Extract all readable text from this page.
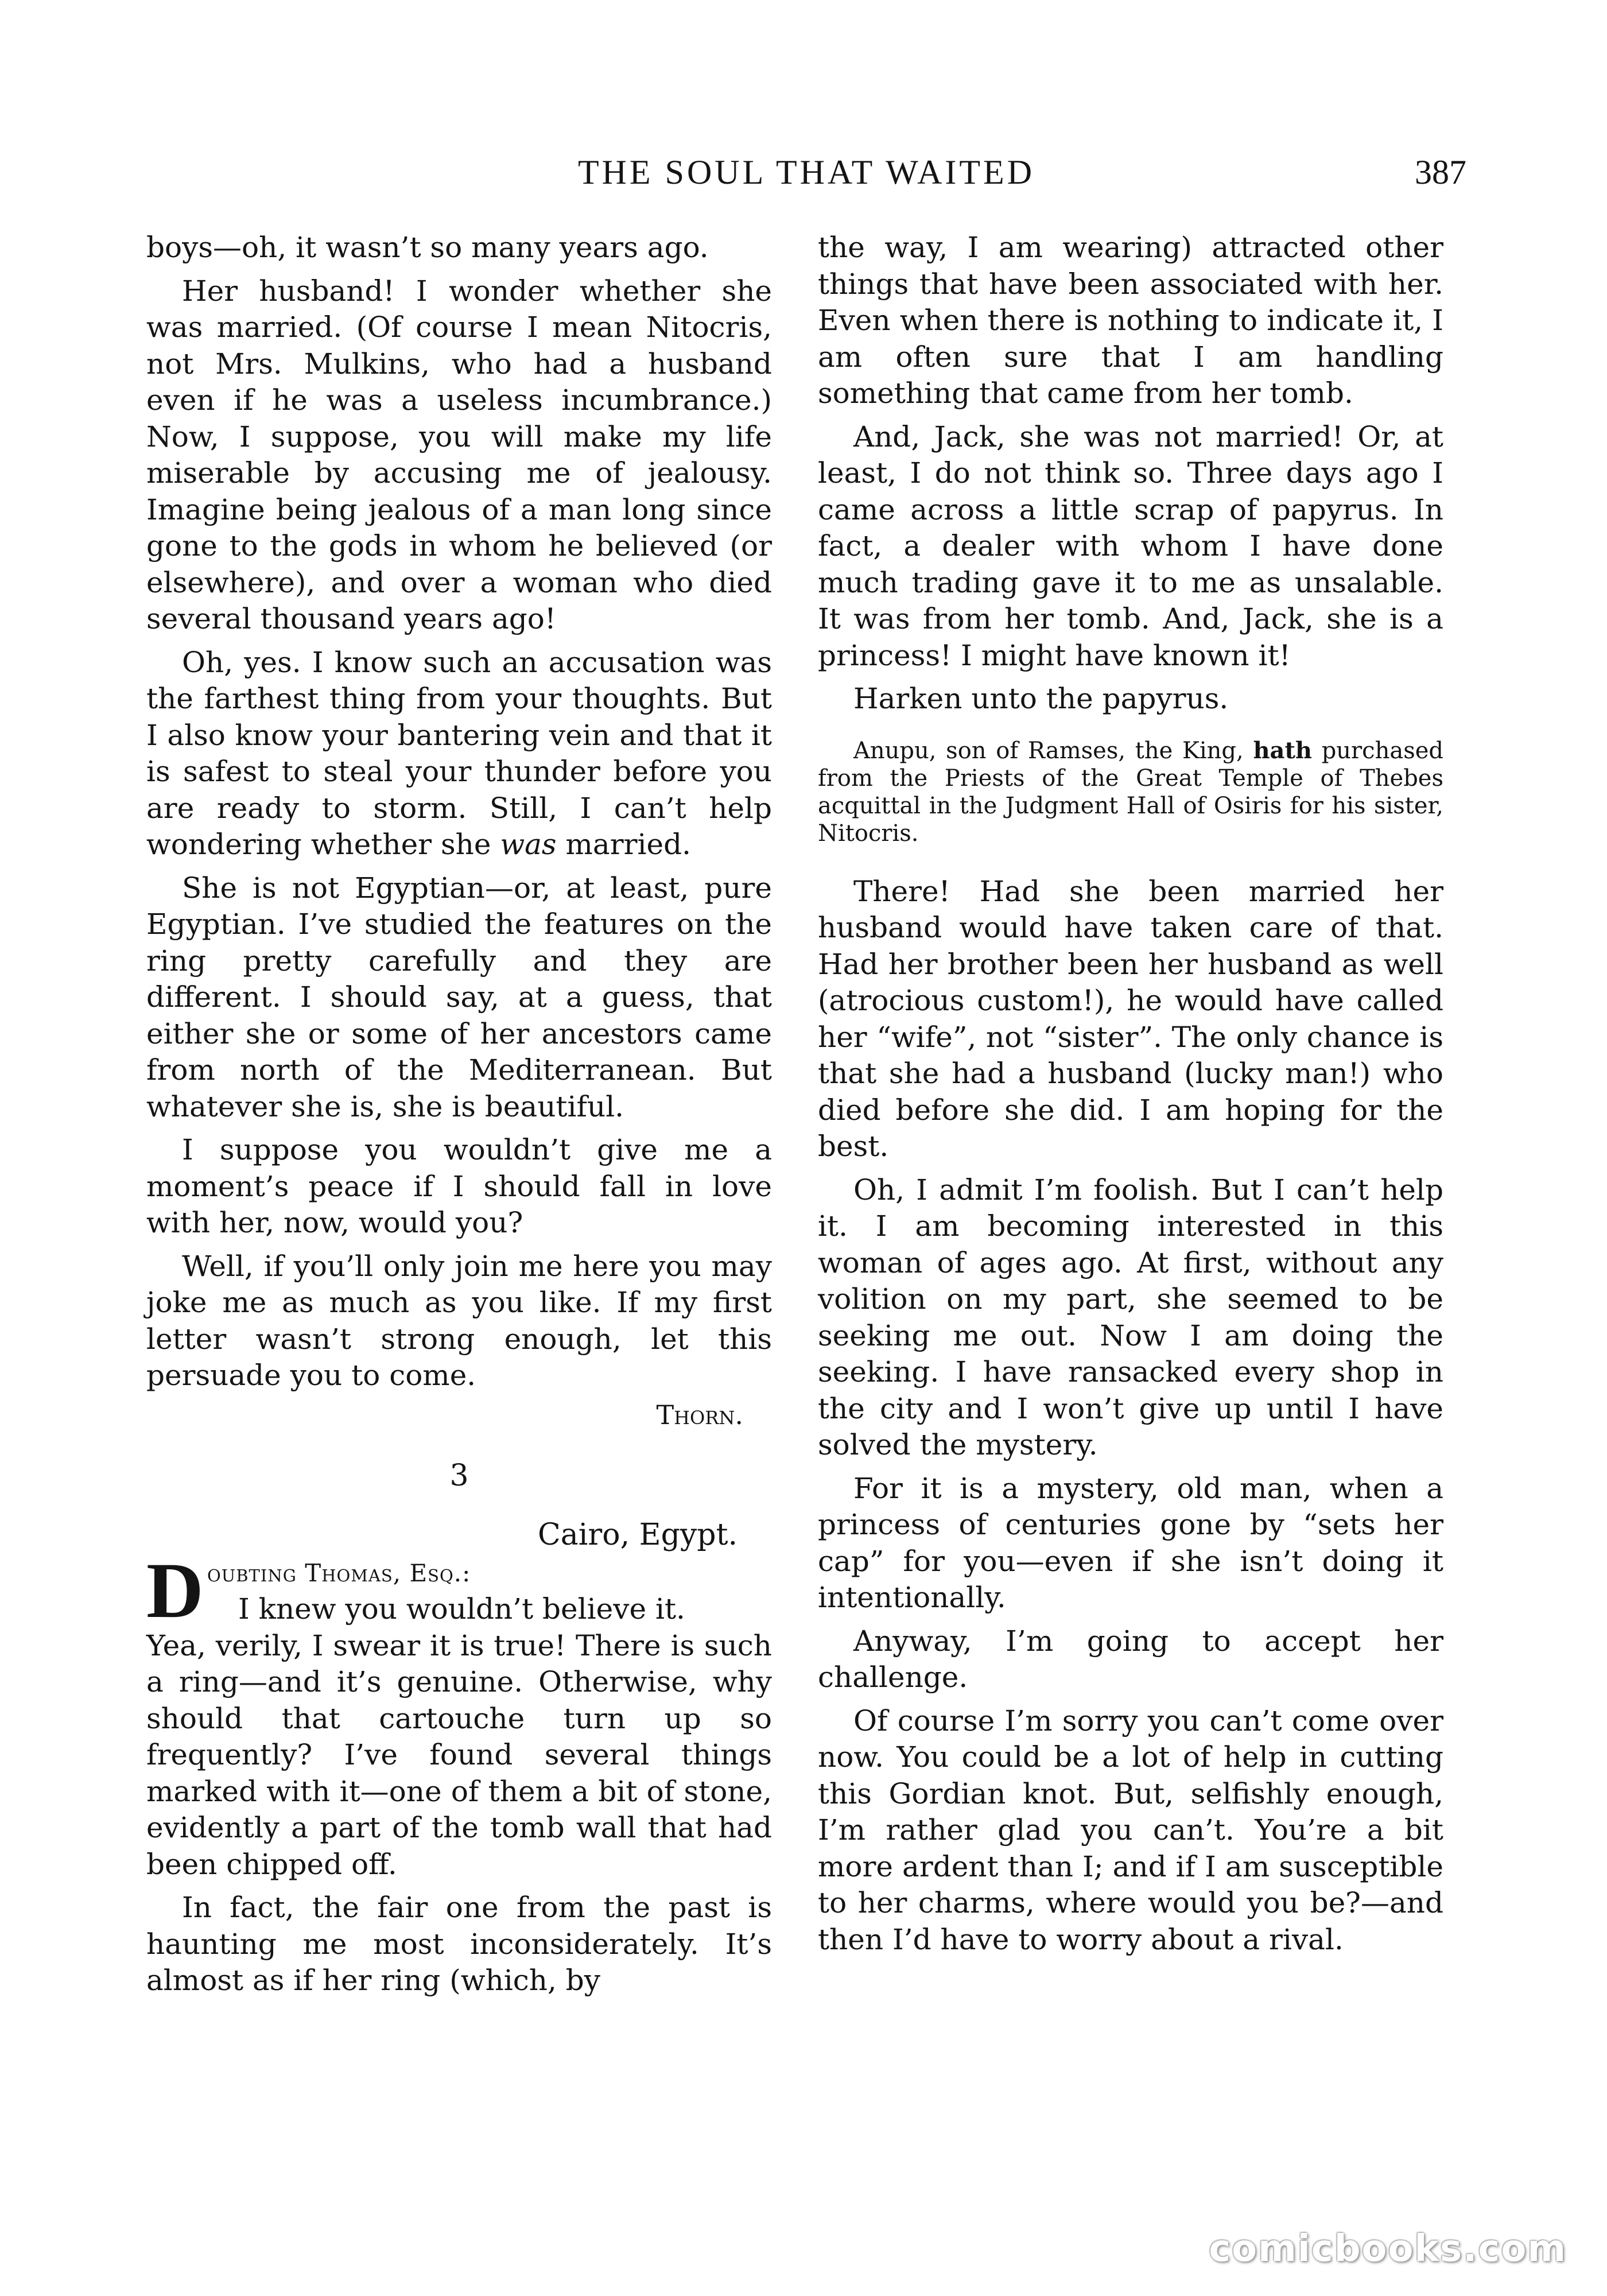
THE SOUL THAT WAITED	387

boys—oh, it wasn’t so many years ago.

Her husband! I wonder whether she was married. (Of course I mean Nitocris, not Mrs. Mulkins, who had a husband even if he was a useless incumbrance.) Now, I suppose, you will make my life miserable by accusing me of jealousy. Imagine being jealous of a man long since gone to the gods in whom he believed (or elsewhere), and over a woman who died several thousand years ago!

Oh, yes. I know such an accusation was the farthest thing from your thoughts. But I also know your bantering vein and that it is safest to steal your thunder before you are ready to storm. Still, I can’t help wondering whether she was married.

She is not Egyptian—or, at least, pure Egyptian. I’ve studied the features on the ring pretty carefully and they are different. I should say, at a guess, that either she or some of her ancestors came from north of the Mediterranean. But whatever she is, she is beautiful.

I suppose you wouldn’t give me a moment’s peace if I should fall in love with her, now, would you?

Well, if you’ll only join me here you may joke me as much as you like. If my first letter wasn’t strong enough, let this persuade you to come.

Thorn.
3
Cairo, Egypt.
D oubting Thomas, Esq.:
I knew you wouldn’t believe it.

Yea, verily, I swear it is true! There is such a ring—and it’s genuine. Otherwise, why should that cartouche turn up so frequently? I’ve found several things marked with it—one of them a bit of stone, evidently a part of the tomb wall that had been chipped off.

In fact, the fair one from the past is haunting me most inconsiderately. It’s almost as if her ring (which, by

the way, I am wearing) attracted other things that have been associated with her. Even when there is nothing to indicate it, I am often sure that I am handling something that came from her tomb.

And, Jack, she was not married! Or, at least, I do not think so. Three days ago I came across a little scrap of papyrus. In fact, a dealer with whom I have done much trading gave it to me as unsalable. It was from her tomb. And, Jack, she is a princess! I might have known it!

Harken unto the papyrus.

Anupu, son of Ramses, the King, hath purchased from the Priests of the Great Temple of Thebes acquittal in the Judgment Hall of Osiris for his sister, Nitocris.

There! Had she been married her husband would have taken care of that. Had her brother been her husband as well (atrocious custom!), he would have called her “wife”, not “sister”. The only chance is that she had a husband (lucky man!) who died before she did. I am hoping for the best.

Oh, I admit I’m foolish. But I can’t help it. I am becoming interested in this woman of ages ago. At first, without any volition on my part, she seemed to be seeking me out. Now I am doing the seeking. I have ransacked every shop in the city and I won’t give up until I have solved the mystery.

For it is a mystery, old man, when a princess of centuries gone by “sets her cap” for you—even if she isn’t doing it intentionally.

Anyway, I’m going to accept her challenge.

Of course I’m sorry you can’t come over now. You could be a lot of help in cutting this Gordian knot. But, selfishly enough, I’m rather glad you can’t. You’re a bit more ardent than I; and if I am susceptible to her charms, where would you be?—and then I’d have to worry about a rival.

comicbooks.com
